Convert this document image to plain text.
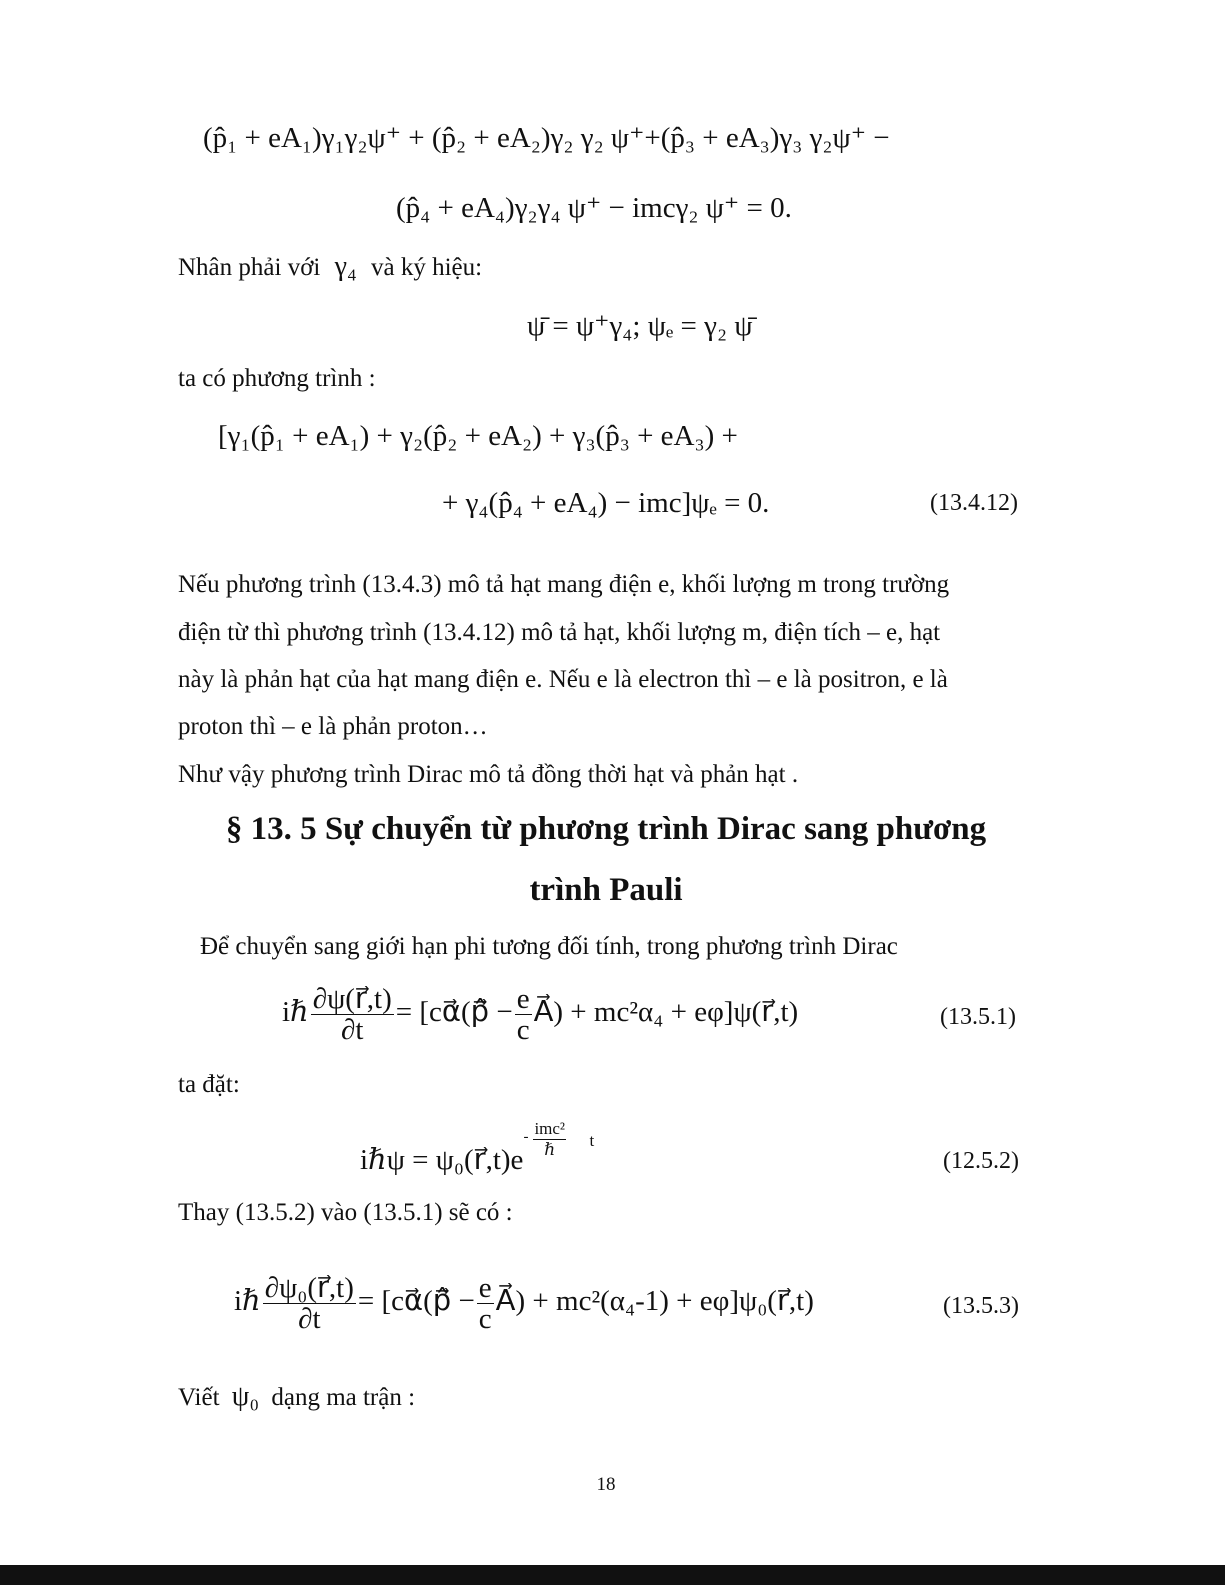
(p̂₁ + eA₁)γ₁γ₂ψ⁺ + (p̂₂ + eA₂)γ₂ γ₂ ψ⁺+(p̂₃ + eA₃)γ₃ γ₂ψ⁺ −
(p̂₄ + eA₄)γ₂γ₄ ψ⁺ − imcγ₂ ψ⁺ = 0.
Nhân phải với γ₄ và ký hiệu:
ψ̄ = ψ⁺γ₄; ψₑ = γ₂ ψ̄
ta có phương trình :
[γ₁(p̂₁ + eA₁) + γ₂(p̂₂ + eA₂) + γ₃(p̂₃ + eA₃) +
+ γ₄(p̂₄ + eA₄) − imc]ψₑ = 0.	(13.4.12)
Nếu phương trình (13.4.3) mô tả hạt mang điện e, khối lượng m trong trường
điện từ thì phương trình (13.4.12) mô tả hạt, khối lượng m, điện tích – e, hạt
này là phản hạt của hạt mang điện e. Nếu e là electron thì – e là positron, e là
proton thì – e là phản proton…
Như vậy phương trình Dirac mô tả đồng thời hạt và phản hạt .
§ 13. 5 Sự chuyển từ phương trình Dirac sang phương
trình Pauli
Để chuyển sang giới hạn phi tương đối tính, trong phương trình Dirac
iℏ $\frac{\partial\psi(r⃗,t)}{\partial t}$ = [cα⃗(p̂⃗ − $\frac{e}{c}$ A⃗) + mc²α₄ + eφ]ψ(r⃗,t)	(13.5.1)
ta đặt:
iℏψ = ψ₀(r⃗,t)e
- imc²
ℏ	t
(12.5.2)
Thay (13.5.2) vào (13.5.1) sẽ có :
iℏ $\frac{\text{∂ψ₀(r⃗,t)}}{\partial t}$ = [cα⃗(p̂⃗ − $\frac{e}{c}$ A⃗) + mc²(α₄-1) + eφ]ψ₀(r⃗,t)	(13.5.3)
Viết ψ₀ dạng ma trận :
18
